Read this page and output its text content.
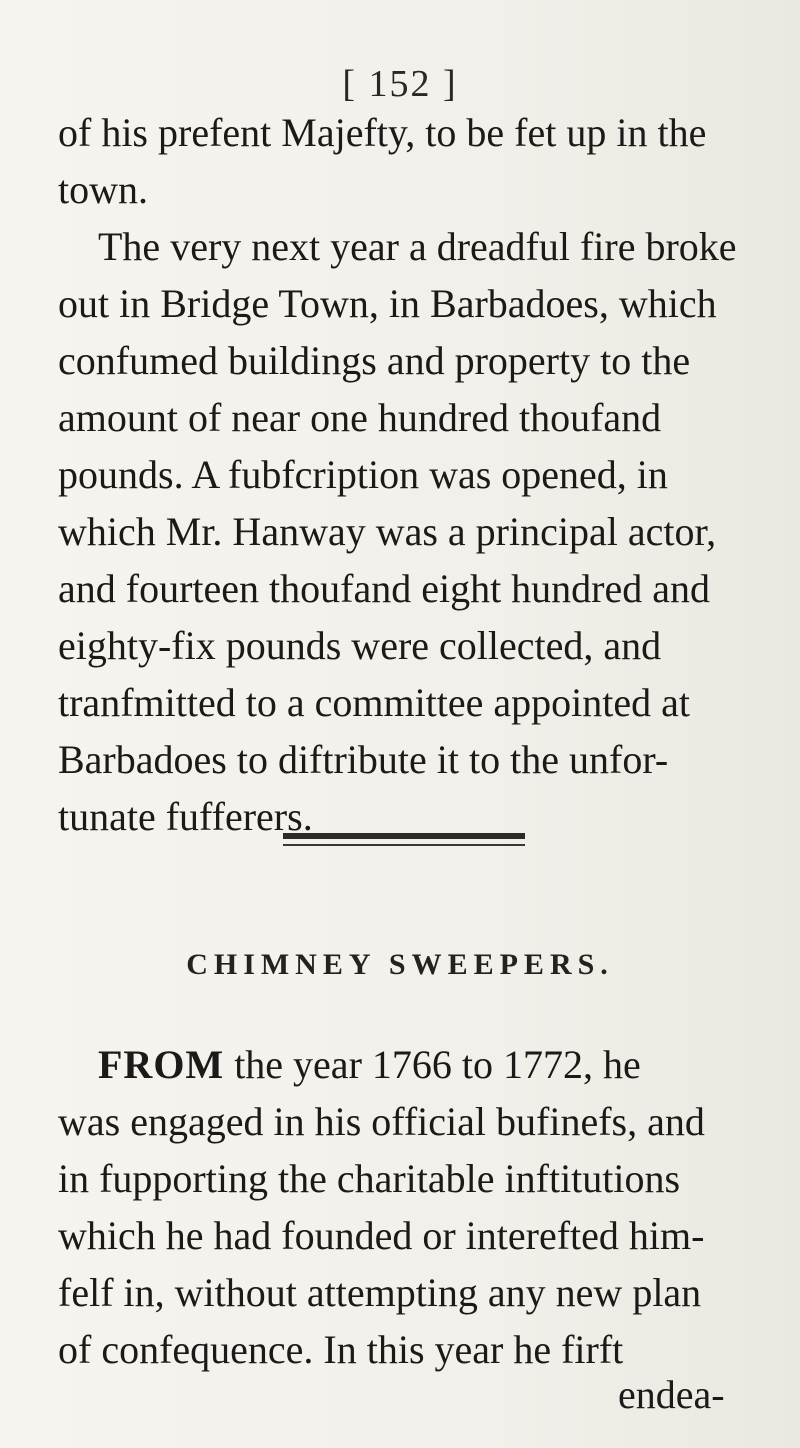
[ 152 ]

of his prefent Majefty, to be fet up in the
town.
The very next year a dreadful fire broke
out in Bridge Town, in Barbadoes, which
confumed buildings and property to the
amount of near one hundred thoufand
pounds. A fubfcription was opened, in
which Mr. Hanway was a principal actor,
and fourteen thoufand eight hundred and
eighty-fix pounds were collected, and
tranfmitted to a committee appointed at
Barbadoes to diftribute it to the unfor-
tunate fufferers.

CHIMNEY SWEEPERS.

FROM the year 1766 to 1772, he
was engaged in his official bufinefs, and
in fupporting the charitable inftitutions
which he had founded or interefted him-
felf in, without attempting any new plan
of confequence. In this year he firft

endea-
